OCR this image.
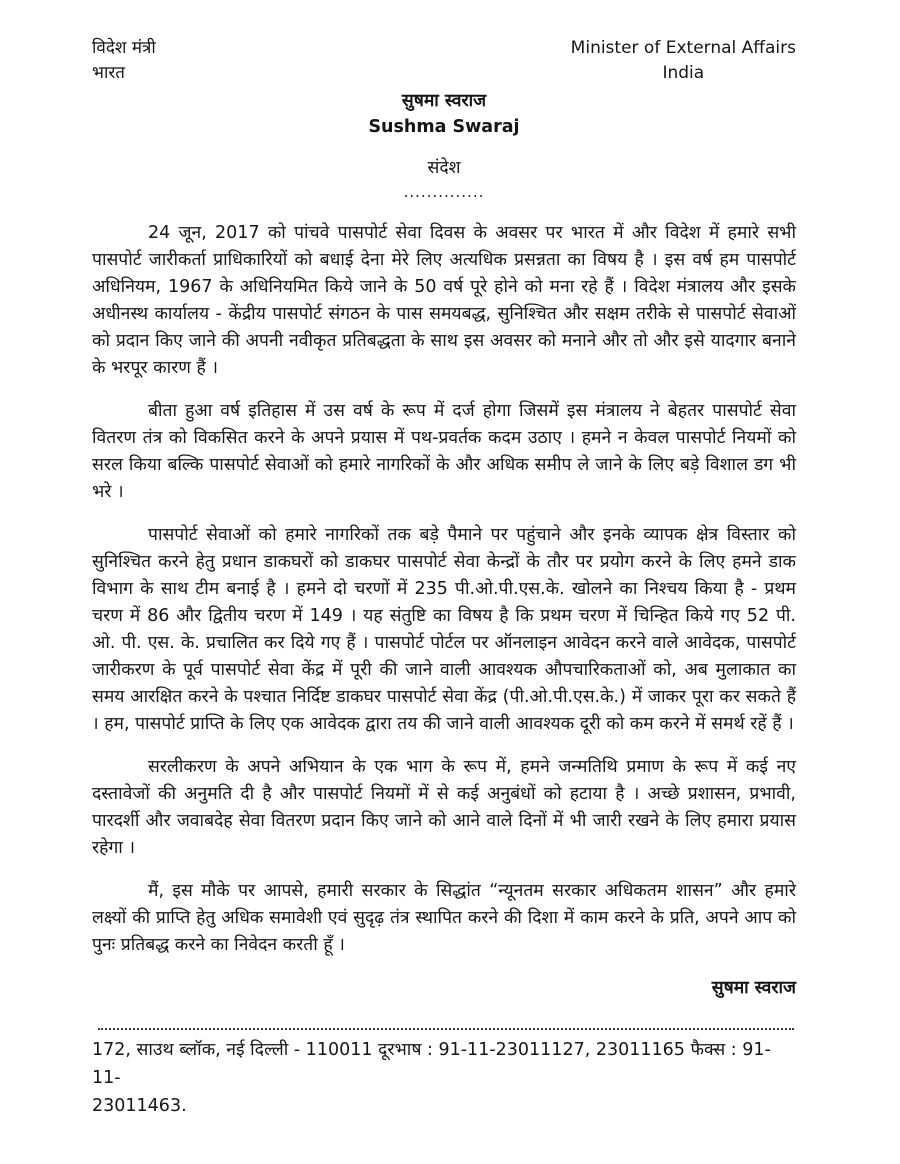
विदेश मंत्री
भारत
Minister of External Affairs
India
सुषमा स्वराज
Sushma Swaraj
संदेश
..............

24 जून, 2017 को पांचवे पासपोर्ट सेवा दिवस के अवसर पर भारत में और विदेश में हमारे सभी पासपोर्ट जारीकर्ता प्राधिकारियों को बधाई देना मेरे लिए अत्यधिक प्रसन्नता का विषय है । इस वर्ष हम पासपोर्ट अधिनियम, 1967 के अधिनियमित किये जाने के 50 वर्ष पूरे होने को मना रहे हैं । विदेश मंत्रालय और इसके अधीनस्थ कार्यालय - केंद्रीय पासपोर्ट संगठन के पास समयबद्ध, सुनिश्चित और सक्षम तरीके से पासपोर्ट सेवाओं को प्रदान किए जाने की अपनी नवीकृत प्रतिबद्धता के साथ इस अवसर को मनाने और तो और इसे यादगार बनाने के भरपूर कारण हैं ।

बीता हुआ वर्ष इतिहास में उस वर्ष के रूप में दर्ज होगा जिसमें इस मंत्रालय ने बेहतर पासपोर्ट सेवा वितरण तंत्र को विकसित करने के अपने प्रयास में पथ-प्रवर्तक कदम उठाए । हमने न केवल पासपोर्ट नियमों को सरल किया बल्कि पासपोर्ट सेवाओं को हमारे नागरिकों के और अधिक समीप ले जाने के लिए बड़े विशाल डग भी भरे ।

पासपोर्ट सेवाओं को हमारे नागरिकों तक बड़े पैमाने पर पहुंचाने और इनके व्यापक क्षेत्र विस्तार को सुनिश्चित करने हेतु प्रधान डाकघरों को डाकघर पासपोर्ट सेवा केन्द्रों के तौर पर प्रयोग करने के लिए हमने डाक विभाग के साथ टीम बनाई है । हमने दो चरणों में 235 पी.ओ.पी.एस.के. खोलने का निश्चय किया है - प्रथम चरण में 86 और द्वितीय चरण में 149 । यह संतुष्टि का विषय है कि प्रथम चरण में चिन्हित किये गए 52 पी. ओ. पी. एस. के. प्रचालित कर दिये गए हैं । पासपोर्ट पोर्टल पर ऑनलाइन आवेदन करने वाले आवेदक, पासपोर्ट जारीकरण के पूर्व पासपोर्ट सेवा केंद्र में पूरी की जाने वाली आवश्यक औपचारिकताओं को, अब मुलाकात का समय आरक्षित करने के पश्चात निर्दिष्ट डाकघर पासपोर्ट सेवा केंद्र (पी.ओ.पी.एस.के.) में जाकर पूरा कर सकते हैं । हम, पासपोर्ट प्राप्ति के लिए एक आवेदक द्वारा तय की जाने वाली आवश्यक दूरी को कम करने में समर्थ रहें हैं ।

सरलीकरण के अपने अभियान के एक भाग के रूप में, हमने जन्मतिथि प्रमाण के रूप में कई नए दस्तावेजों की अनुमति दी है और पासपोर्ट नियमों में से कई अनुबंधों को हटाया है । अच्छे प्रशासन, प्रभावी, पारदर्शी और जवाबदेह सेवा वितरण प्रदान किए जाने को आने वाले दिनों में भी जारी रखने के लिए हमारा प्रयास रहेगा ।

मैं, इस मौके पर आपसे, हमारी सरकार के सिद्धांत “न्यूनतम सरकार अधिकतम शासन” और हमारे लक्ष्यों की प्राप्ति हेतु अधिक समावेशी एवं सुदृढ़ तंत्र स्थापित करने की दिशा में काम करने के प्रति, अपने आप को पुनः प्रतिबद्ध करने का निवेदन करती हूँ ।

सुषमा स्वराज
172, साउथ ब्लॉक, नई दिल्ली - 110011 दूरभाष : 91-11-23011127, 23011165 फैक्स : 91-11-
23011463.
